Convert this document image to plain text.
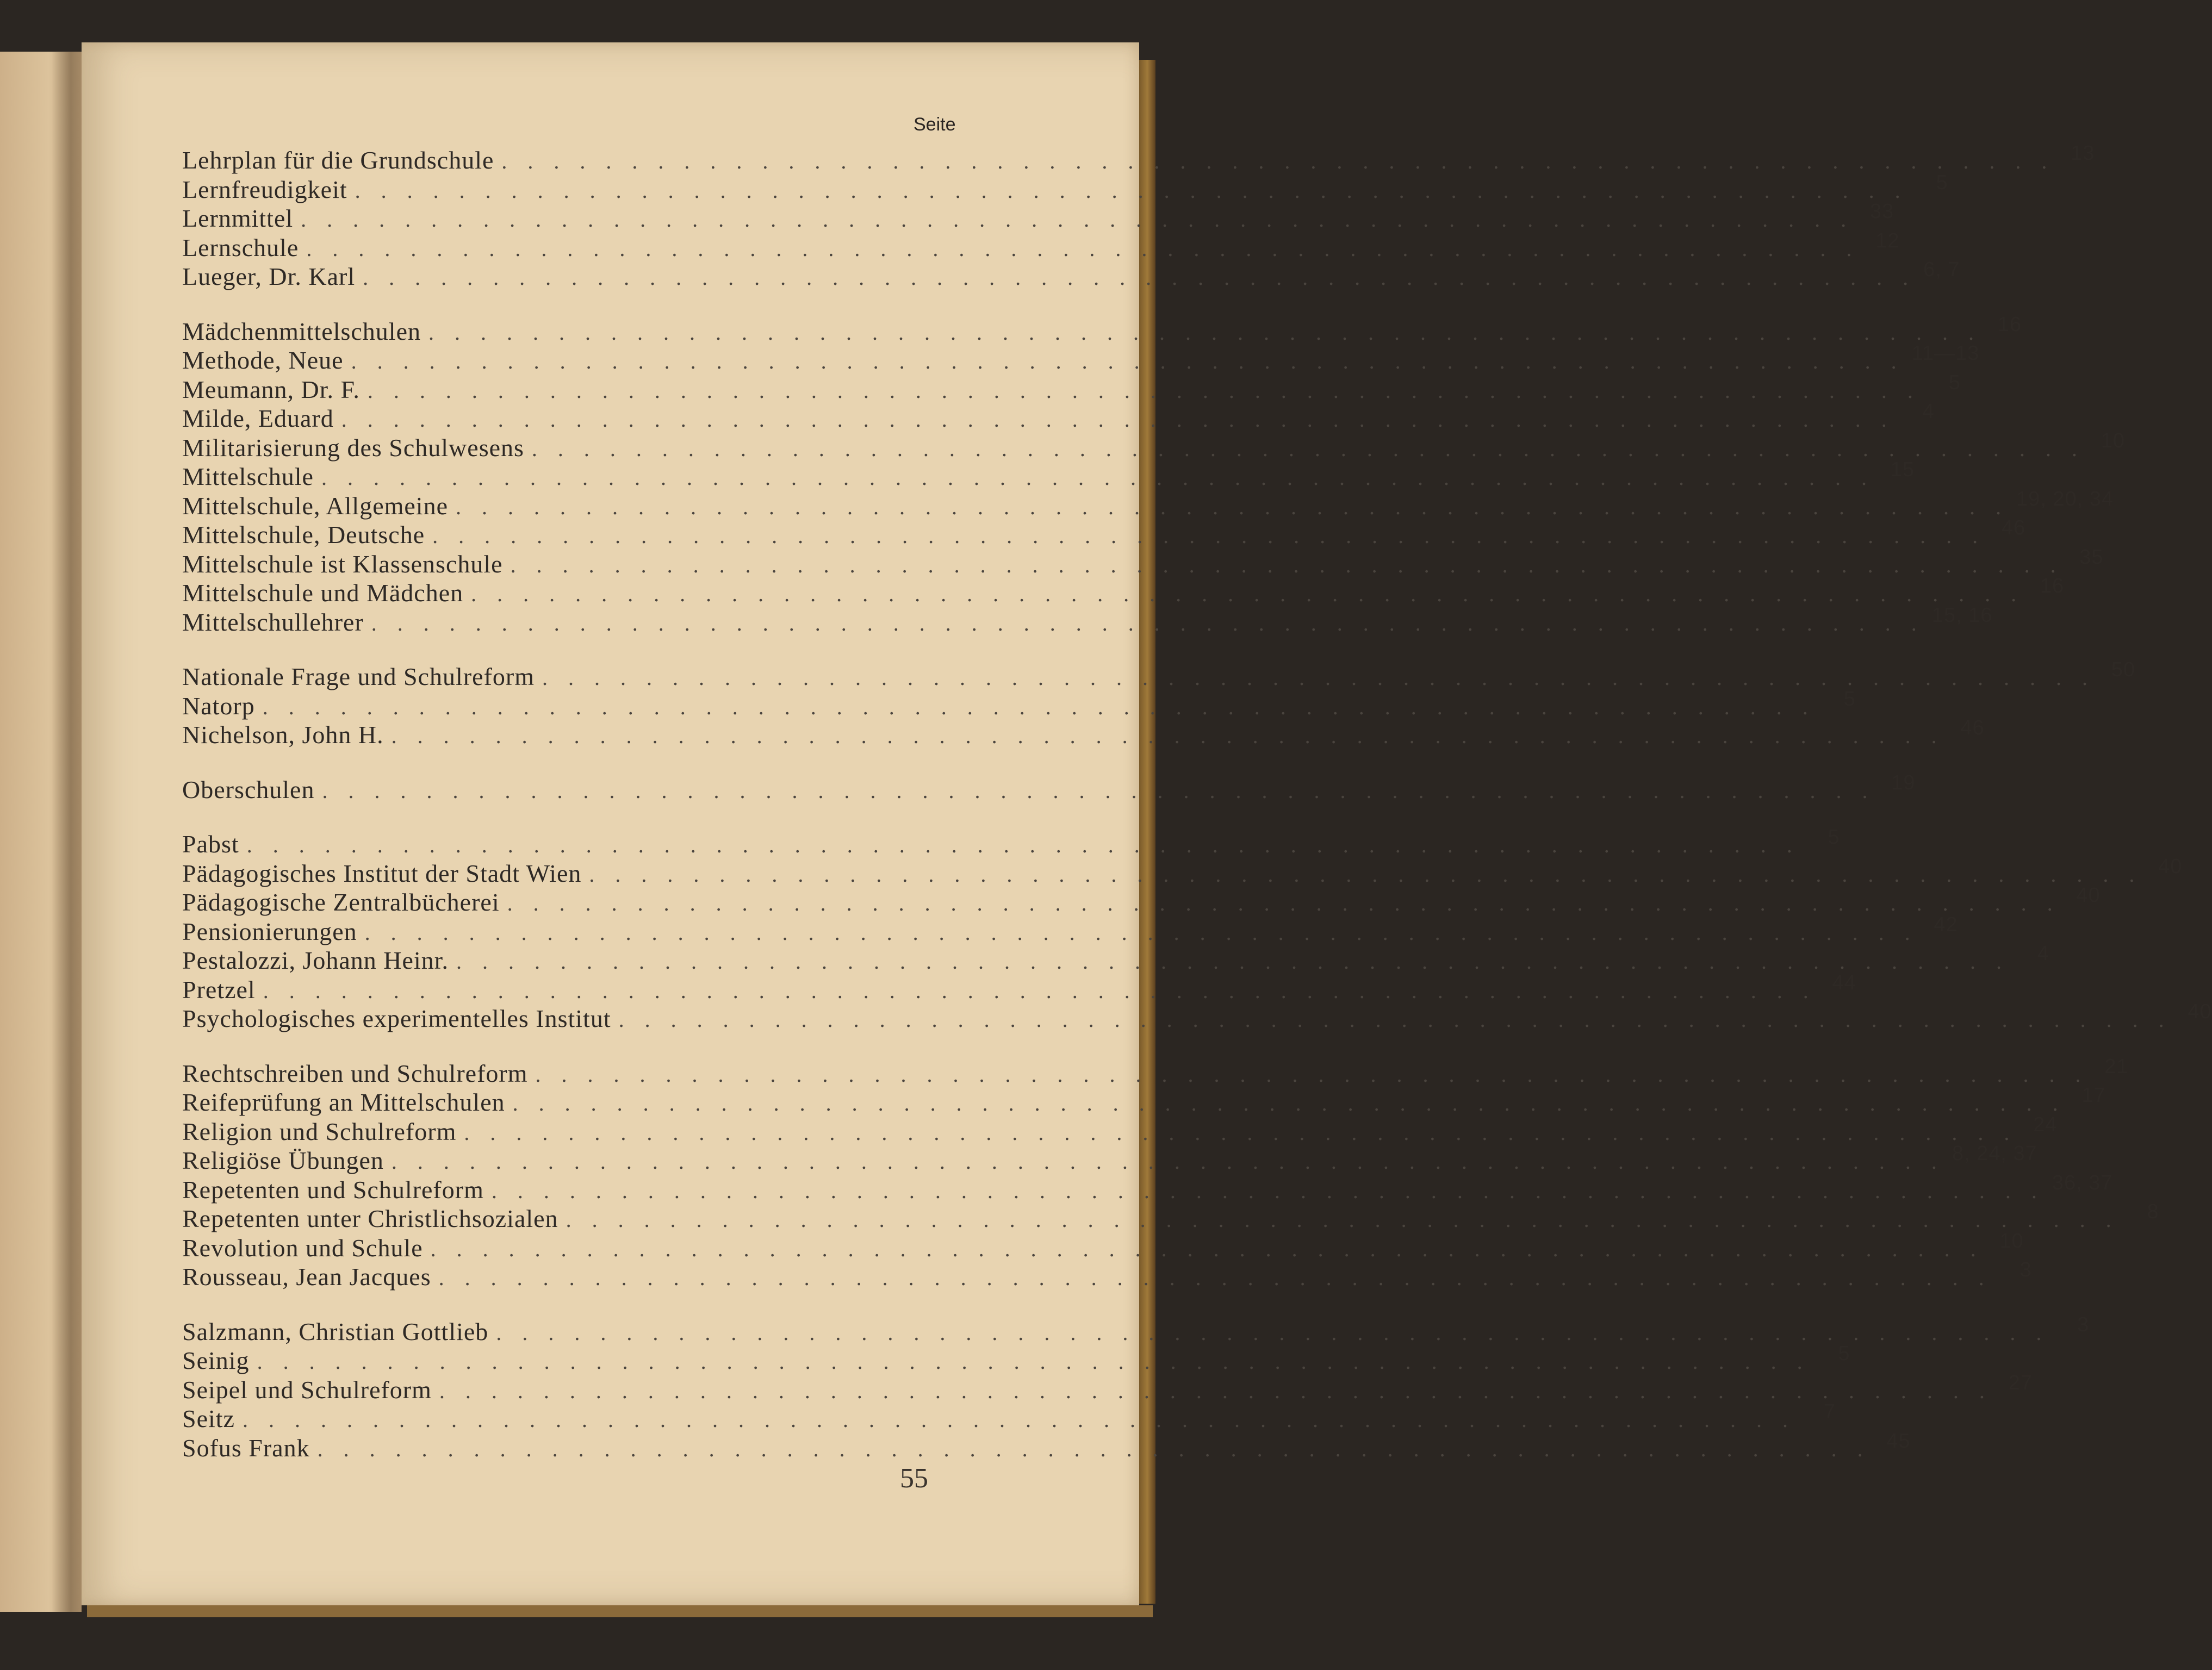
Seite
Lehrplan für die Grundschule . . . . . . . . . . . . . . . . . . . . . . . . . . . . . . . . . . . . . . . . . . . . . . . . . . . . . . . . . . . . 13
Lernfreudigkeit . . . . . . . . . . . . . . . . . . . . . . . . . . . . . . . . . . . . . . . . . . . . . . . . . . . . . . . . . . . .	5
Lernmittel . . . . . . . . . . . . . . . . . . . . . . . . . . . . . . . . . . . . . . . . . . . . . . . . . . . . . . . . . . . . 33
Lernschule . . . . . . . . . . . . . . . . . . . . . . . . . . . . . . . . . . . . . . . . . . . . . . . . . . . . . . . . . . . . 12
Lueger, Dr. Karl . . . . . . . . . . . . . . . . . . . . . . . . . . . . . . . . . . . . . . . . . . . . . . . . . . . . . . . . . . . . 6, 7
Mädchenmittelschulen . . . . . . . . . . . . . . . . . . . . . . . . . . . . . . . . . . . . . . . . . . . . . . . . . . . . . . . . . . . . 16
Methode, Neue . . . . . . . . . . . . . . . . . . . . . . . . . . . . . . . . . . . . . . . . . . . . . . . . . . . . . . . . . . . . 11—13
Meumann, Dr. F. . . . . . . . . . . . . . . . . . . . . . . . . . . . . . . . . . . . . . . . . . . . . . . . . . . . . . . . . . . . .	5
Milde, Eduard . . . . . . . . . . . . . . . . . . . . . . . . . . . . . . . . . . . . . . . . . . . . . . . . . . . . . . . . . . . .	4
Militarisierung des Schulwesens . . . . . . . . . . . . . . . . . . . . . . . . . . . . . . . . . . . . . . . . . . . . . . . . . . . . . . . . . . . . 10
Mittelschule . . . . . . . . . . . . . . . . . . . . . . . . . . . . . . . . . . . . . . . . . . . . . . . . . . . . . . . . . . . . 15
Mittelschule, Allgemeine . . . . . . . . . . . . . . . . . . . . . . . . . . . . . . . . . . . . . . . . . . . . . . . . . . . . . . . . . . . . 19, 20, 34
Mittelschule, Deutsche . . . . . . . . . . . . . . . . . . . . . . . . . . . . . . . . . . . . . . . . . . . . . . . . . . . . . . . . . . . . 46
Mittelschule ist Klassenschule . . . . . . . . . . . . . . . . . . . . . . . . . . . . . . . . . . . . . . . . . . . . . . . . . . . . . . . . . . . . 35
Mittelschule und Mädchen . . . . . . . . . . . . . . . . . . . . . . . . . . . . . . . . . . . . . . . . . . . . . . . . . . . . . . . . . . . . 16
Mittelschullehrer . . . . . . . . . . . . . . . . . . . . . . . . . . . . . . . . . . . . . . . . . . . . . . . . . . . . . . . . . . . . 15, 16
Nationale Frage und Schulreform . . . . . . . . . . . . . . . . . . . . . . . . . . . . . . . . . . . . . . . . . . . . . . . . . . . . . . . . . . . . 50
Natorp . . . . . . . . . . . . . . . . . . . . . . . . . . . . . . . . . . . . . . . . . . . . . . . . . . . . . . . . . . . .	5
Nichelson, John H. . . . . . . . . . . . . . . . . . . . . . . . . . . . . . . . . . . . . . . . . . . . . . . . . . . . . . . . . . . . . 46
Oberschulen . . . . . . . . . . . . . . . . . . . . . . . . . . . . . . . . . . . . . . . . . . . . . . . . . . . . . . . . . . . . 19
Pabst . . . . . . . . . . . . . . . . . . . . . . . . . . . . . . . . . . . . . . . . . . . . . . . . . . . . . . . . . . . .	5
Pädagogisches Institut der Stadt Wien . . . . . . . . . . . . . . . . . . . . . . . . . . . . . . . . . . . . . . . . . . . . . . . . . . . . . . . . . . . . 40
Pädagogische Zentralbücherei . . . . . . . . . . . . . . . . . . . . . . . . . . . . . . . . . . . . . . . . . . . . . . . . . . . . . . . . . . . . 40
Pensionierungen . . . . . . . . . . . . . . . . . . . . . . . . . . . . . . . . . . . . . . . . . . . . . . . . . . . . . . . . . . . . 42
Pestalozzi, Johann Heinr. . . . . . . . . . . . . . . . . . . . . . . . . . . . . . . . . . . . . . . . . . . . . . . . . . . . . . . . . . . . .	4
Pretzel . . . . . . . . . . . . . . . . . . . . . . . . . . . . . . . . . . . . . . . . . . . . . . . . . . . . . . . . . . . . 44
Psychologisches experimentelles Institut . . . . . . . . . . . . . . . . . . . . . . . . . . . . . . . . . . . . . . . . . . . . . . . . . . . . . . . . . . . . 40
Rechtschreiben und Schulreform . . . . . . . . . . . . . . . . . . . . . . . . . . . . . . . . . . . . . . . . . . . . . . . . . . . . . . . . . . . . 21
Reifeprüfung an Mittelschulen . . . . . . . . . . . . . . . . . . . . . . . . . . . . . . . . . . . . . . . . . . . . . . . . . . . . . . . . . . . . 17
Religion und Schulreform . . . . . . . . . . . . . . . . . . . . . . . . . . . . . . . . . . . . . . . . . . . . . . . . . . . . . . . . . . . . 24
Religiöse Übungen . . . . . . . . . . . . . . . . . . . . . . . . . . . . . . . . . . . . . . . . . . . . . . . . . . . . . . . . . . . . 8, 24, 37
Repetenten und Schulreform . . . . . . . . . . . . . . . . . . . . . . . . . . . . . . . . . . . . . . . . . . . . . . . . . . . . . . . . . . . . 36, 37
Repetenten unter Christlichsozialen . . . . . . . . . . . . . . . . . . . . . . . . . . . . . . . . . . . . . . . . . . . . . . . . . . . . . . . . . . . .	8
Revolution und Schule . . . . . . . . . . . . . . . . . . . . . . . . . . . . . . . . . . . . . . . . . . . . . . . . . . . . . . . . . . . . 10
Rousseau, Jean Jacques . . . . . . . . . . . . . . . . . . . . . . . . . . . . . . . . . . . . . . . . . . . . . . . . . . . . . . . . . . . .	3
Salzmann, Christian Gottlieb . . . . . . . . . . . . . . . . . . . . . . . . . . . . . . . . . . . . . . . . . . . . . . . . . . . . . . . . . . . .	3
Seinig . . . . . . . . . . . . . . . . . . . . . . . . . . . . . . . . . . . . . . . . . . . . . . . . . . . . . . . . . . . .	5
Seipel und Schulreform . . . . . . . . . . . . . . . . . . . . . . . . . . . . . . . . . . . . . . . . . . . . . . . . . . . . . . . . . . . . 27
Seitz . . . . . . . . . . . . . . . . . . . . . . . . . . . . . . . . . . . . . . . . . . . . . . . . . . . . . . . . . . . .	7
Sofus Frank . . . . . . . . . . . . . . . . . . . . . . . . . . . . . . . . . . . . . . . . . . . . . . . . . . . . . . . . . . . . 45
55
